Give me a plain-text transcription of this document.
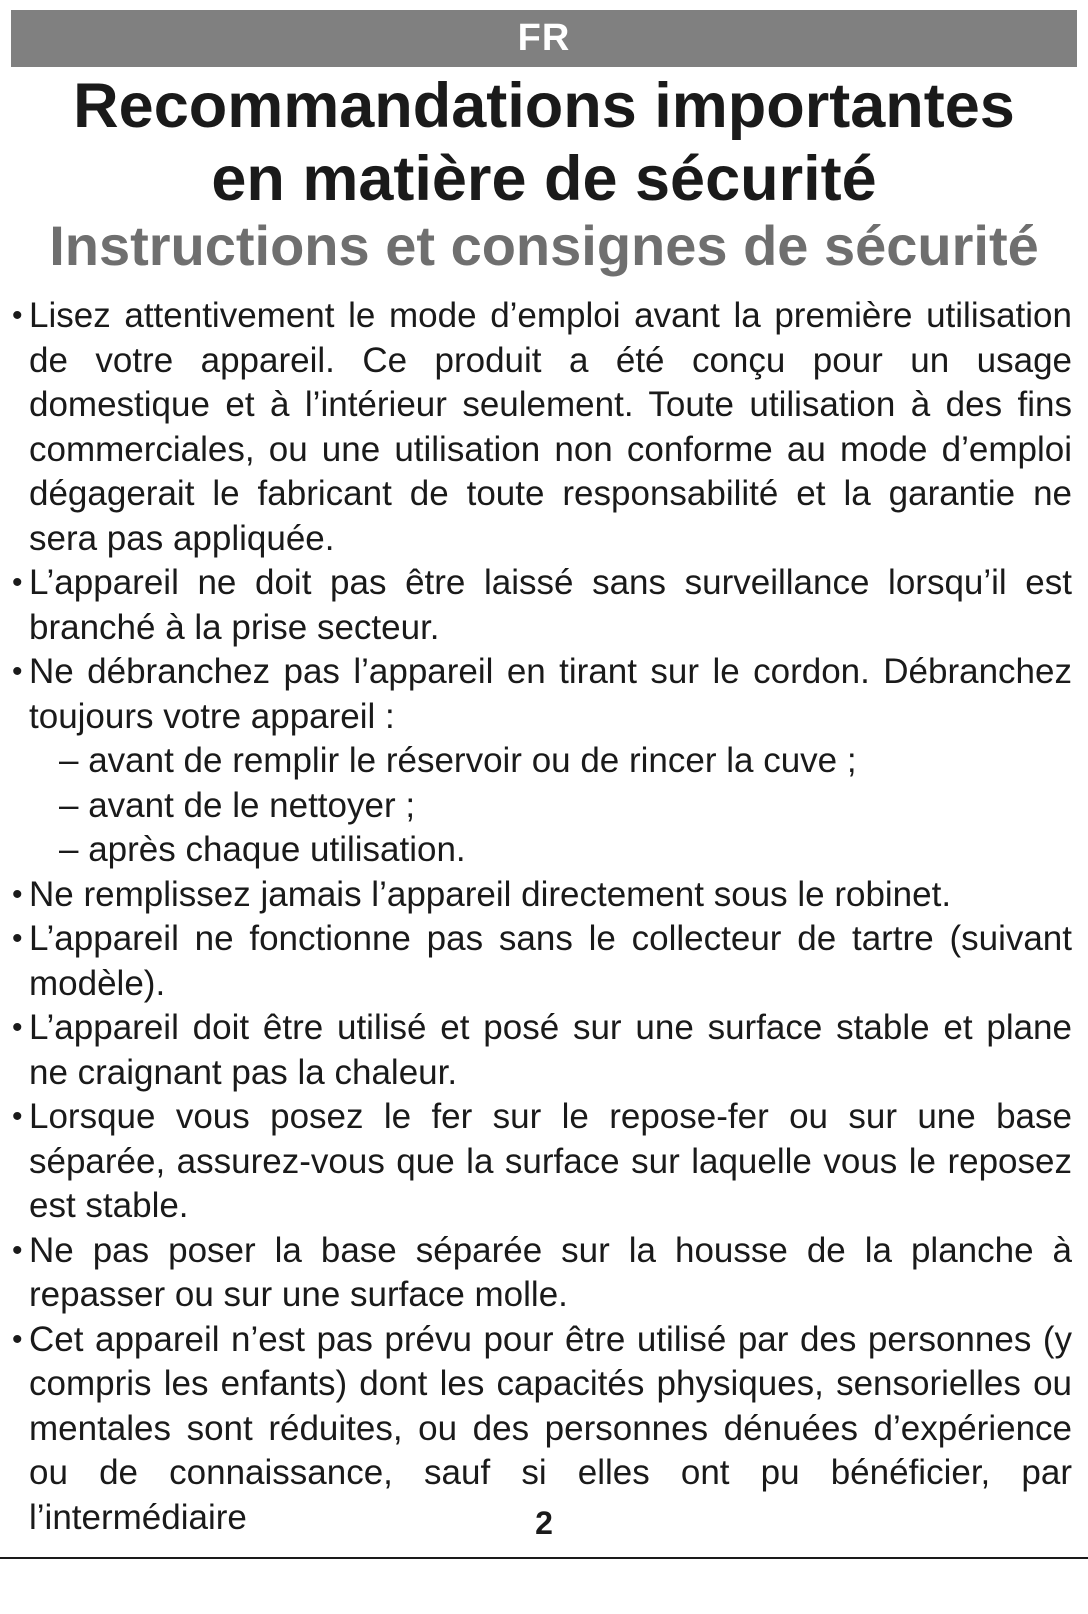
FR
Recommandations importantes
en matière de sécurité
Instructions et consignes de sécurité

• Lisez attentivement le mode d’emploi avant la première utilisation de votre appareil. Ce produit a été conçu pour un usage domestique et à l’intérieur seulement. Toute utilisation à des fins commerciales, ou une utilisation non conforme au mode d’emploi dégagerait le fabricant de toute responsabilité et la garantie ne sera pas appliquée.

• L’appareil ne doit pas être laissé sans surveillance lorsqu’il est branché à la prise secteur.

• Ne débranchez pas l’appareil en tirant sur le cordon. Débranchez toujours votre appareil :

– avant de remplir le réservoir ou de rincer la cuve ;

– avant de le nettoyer ;

– après chaque utilisation.

• Ne remplissez jamais l’appareil directement sous le robinet.

• L’appareil ne fonctionne pas sans le collecteur de tartre (suivant modèle).

• L’appareil doit être utilisé et posé sur une surface stable et plane ne craignant pas la chaleur.

• Lorsque vous posez le fer sur le repose-fer ou sur une base séparée, assurez-vous que la surface sur laquelle vous le reposez est stable.

• Ne pas poser la base séparée sur la housse de la planche à repasser ou sur une surface molle.

• Cet appareil n’est pas prévu pour être utilisé par des personnes (y compris les enfants) dont les capacités physiques, sensorielles ou mentales sont réduites, ou des personnes dénuées d’expérience ou de connaissance, sauf si elles ont pu bénéficier, par l’intermédiaire	2
